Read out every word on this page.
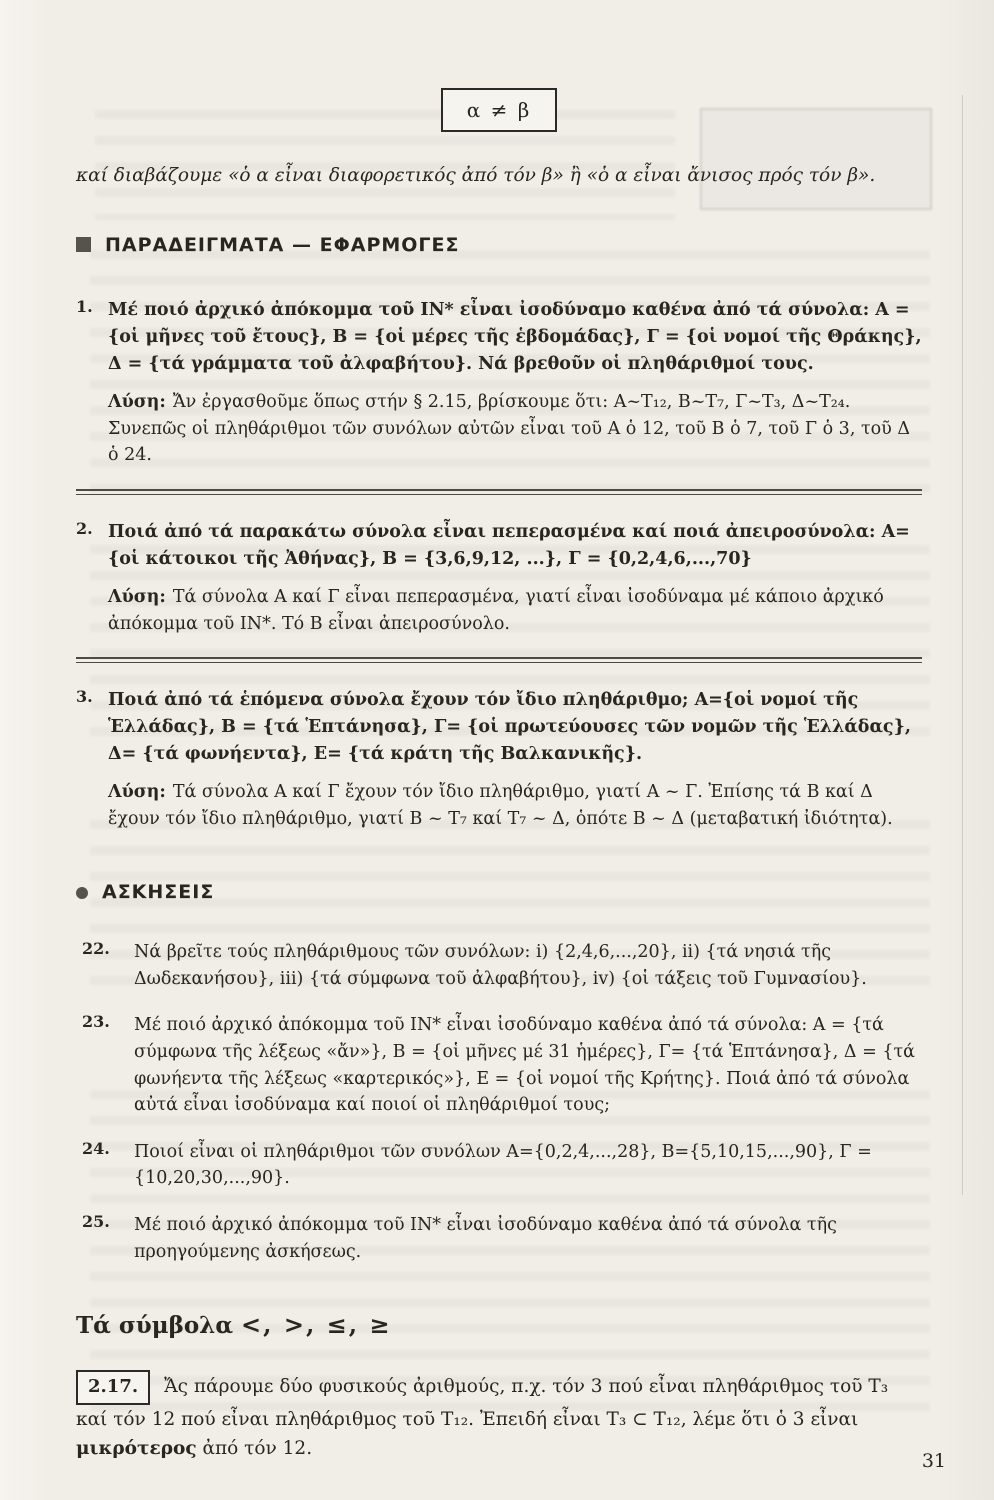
α ≠ β

καί διαβάζουμε «ὁ α εἶναι διαφορετικός ἀπό τόν β» ἢ «ὁ α εἶναι ἄνισος πρός τόν β».

ΠΑΡΑΔΕΙΓΜΑΤΑ — ΕΦΑΡΜΟΓΕΣ
1. Μέ ποιό ἀρχικό ἀπόκομμα τοῦ ΙΝ* εἶναι ἰσοδύναμο καθένα ἀπό τά σύνολα: Α = {οἱ μῆνες τοῦ ἔτους}, Β = {οἱ μέρες τῆς ἑβδομάδας}, Γ = {οἱ νομοί τῆς Θράκης}, Δ = {τά γράμματα τοῦ ἀλφαβήτου}. Νά βρεθοῦν οἱ πληθάριθμοί τους.

Λύση: Ἄν ἐργασθοῦμε ὅπως στήν § 2.15, βρίσκουμε ὅτι: Α~Τ₁₂, Β~Τ₇, Γ~Τ₃, Δ~Τ₂₄. Συνεπῶς οἱ πληθάριθμοι τῶν συνόλων αὐτῶν εἶναι τοῦ Α ὁ 12, τοῦ Β ὁ 7, τοῦ Γ ὁ 3, τοῦ Δ ὁ 24.

2. Ποιά ἀπό τά παρακάτω σύνολα εἶναι πεπερασμένα καί ποιά ἀπειροσύνολα: Α= {οἱ κάτοικοι τῆς Ἀθήνας}, Β = {3,6,9,12, ...}, Γ = {0,2,4,6,...,70}

Λύση: Τά σύνολα Α καί Γ εἶναι πεπερασμένα, γιατί εἶναι ἰσοδύναμα μέ κάποιο ἀρχικό ἀπόκομμα τοῦ ΙΝ*. Τό Β εἶναι ἀπειροσύνολο.

3. Ποιά ἀπό τά ἑπόμενα σύνολα ἔχουν τόν ἴδιο πληθάριθμο; Α={οἱ νομοί τῆς Ἑλλάδας}, Β = {τά Ἑπτάνησα}, Γ= {οἱ πρωτεύουσες τῶν νομῶν τῆς Ἑλλάδας}, Δ= {τά φωνήεντα}, Ε= {τά κράτη τῆς Βαλκανικῆς}.

Λύση: Τά σύνολα Α καί Γ ἔχουν τόν ἴδιο πληθάριθμο, γιατί Α ~ Γ. Ἐπίσης τά Β καί Δ ἔχουν τόν ἴδιο πληθάριθμο, γιατί Β ~ Τ₇ καί Τ₇ ~ Δ, ὁπότε Β ~ Δ (μεταβατική ἰδιότητα).

ΑΣΚΗΣΕΙΣ
22. Νά βρεῖτε τούς πληθάριθμους τῶν συνόλων: i) {2,4,6,...,20}, ii) {τά νησιά τῆς Δωδεκανήσου}, iii) {τά σύμφωνα τοῦ ἀλφαβήτου}, iv) {οἱ τάξεις τοῦ Γυμνασίου}.

23. Μέ ποιό ἀρχικό ἀπόκομμα τοῦ ΙΝ* εἶναι ἰσοδύναμο καθένα ἀπό τά σύνολα: Α = {τά σύμφωνα τῆς λέξεως «ἄν»}, Β = {οἱ μῆνες μέ 31 ἡμέρες}, Γ= {τά Ἑπτάνησα}, Δ = {τά φωνήεντα τῆς λέξεως «καρτερικός»}, Ε = {οἱ νομοί τῆς Κρήτης}. Ποιά ἀπό τά σύνολα αὐτά εἶναι ἰσοδύναμα καί ποιοί οἱ πληθάριθμοί τους;

24. Ποιοί εἶναι οἱ πληθάριθμοι τῶν συνόλων Α={0,2,4,...,28}, Β={5,10,15,...,90}, Γ = {10,20,30,...,90}.

25. Μέ ποιό ἀρχικό ἀπόκομμα τοῦ ΙΝ* εἶναι ἰσοδύναμο καθένα ἀπό τά σύνολα τῆς προηγούμενης ἀσκήσεως.

Τά σύμβολα <, >, ≤, ≥

2.17. Ἄς πάρουμε δύο φυσικούς ἀριθμούς, π.χ. τόν 3 πού εἶναι πληθάριθμος τοῦ Τ₃ καί τόν 12 πού εἶναι πληθάριθμος τοῦ Τ₁₂. Ἐπειδή εἶναι Τ₃ ⊂ Τ₁₂, λέμε ὅτι ὁ 3 εἶναι μικρότερος ἀπό τόν 12.

31
